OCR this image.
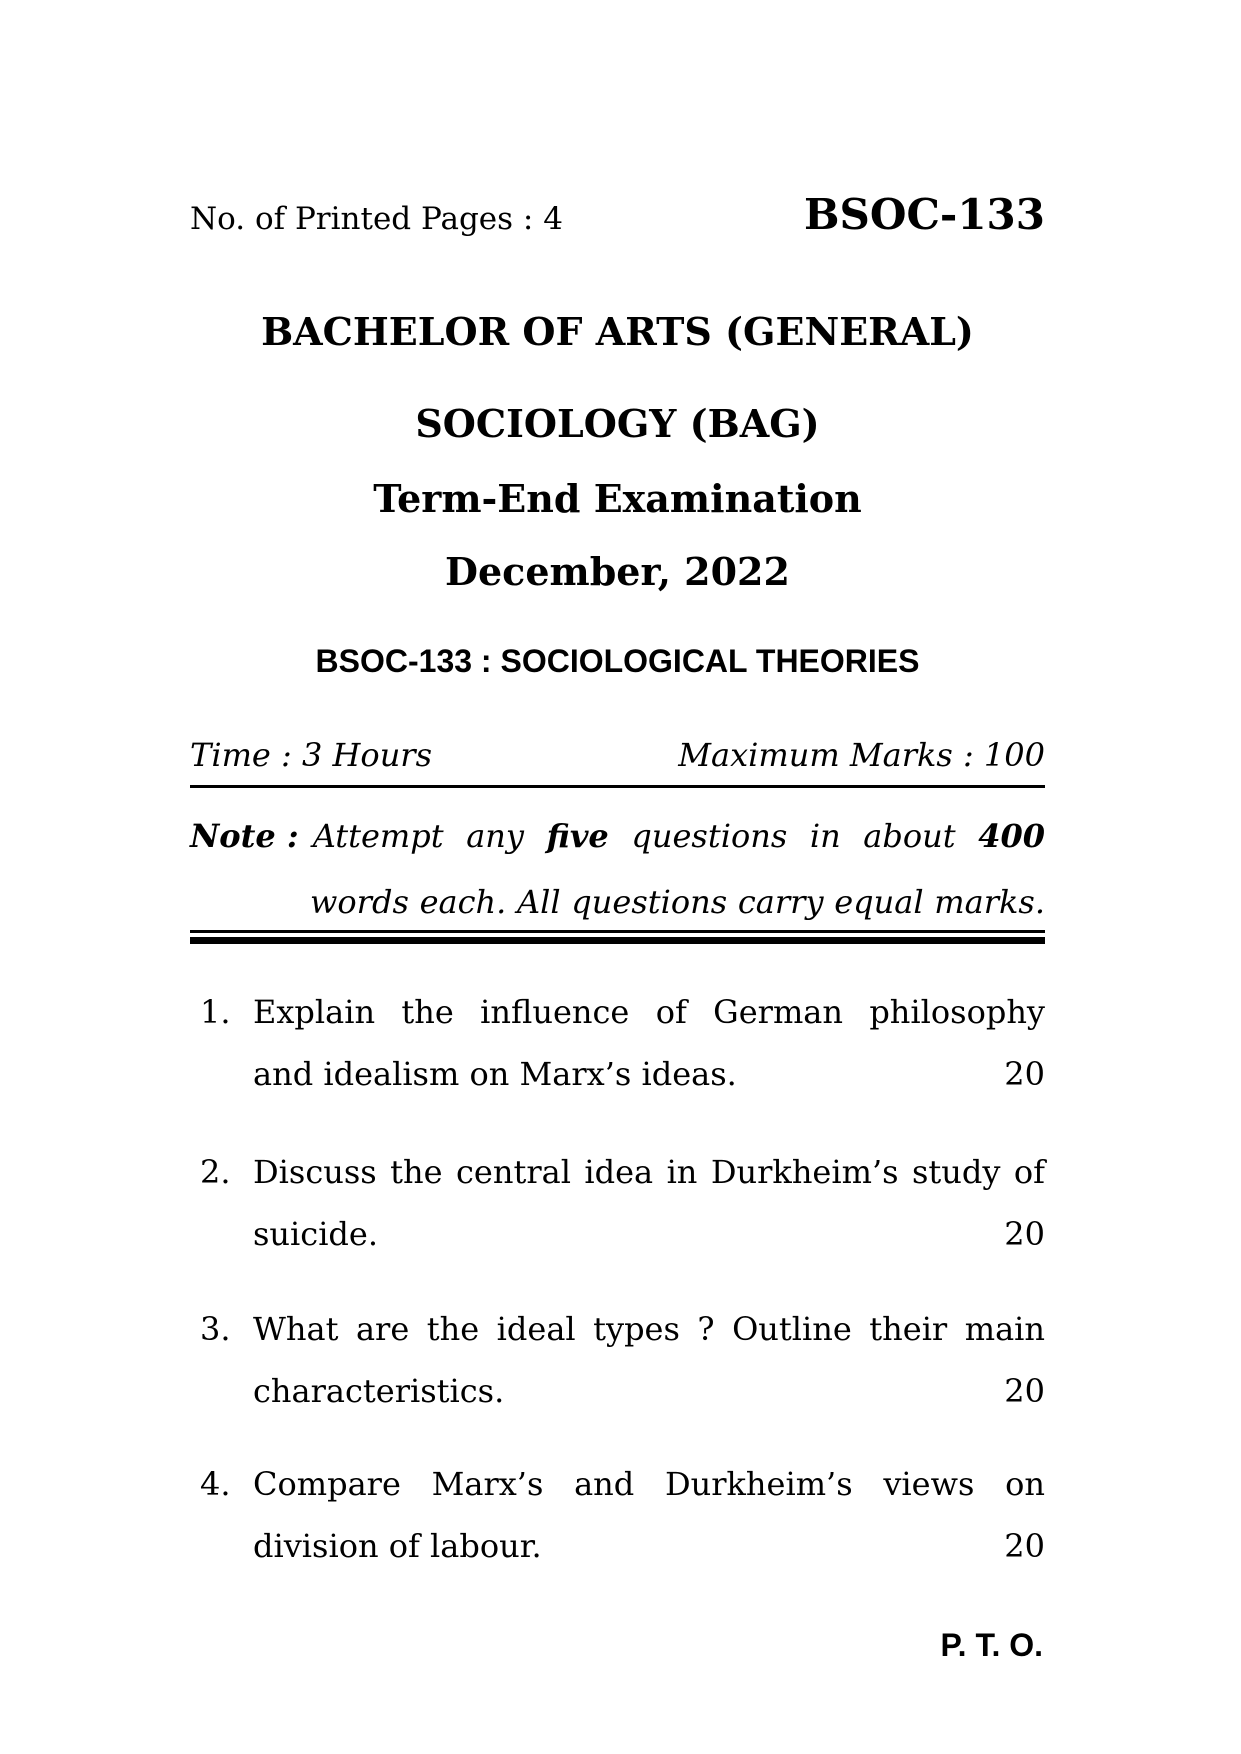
No. of Printed Pages : 4	BSOC-133
BACHELOR OF ARTS (GENERAL)
SOCIOLOGY (BAG)
Term-End Examination
December, 2022
BSOC-133 : SOCIOLOGICAL THEORIES
Time : 3 Hours	Maximum Marks : 100
Note : Attempt any five questions in about 400
words each. All questions carry equal marks.
1. Explain the influence of German philosophy
and idealism on Marx’s ideas.	20
2. Discuss the central idea in Durkheim’s study of
suicide.	20
3. What are the ideal types ? Outline their main
characteristics.	20
4. Compare Marx’s and Durkheim’s views on
division of labour.	20
P. T. O.
